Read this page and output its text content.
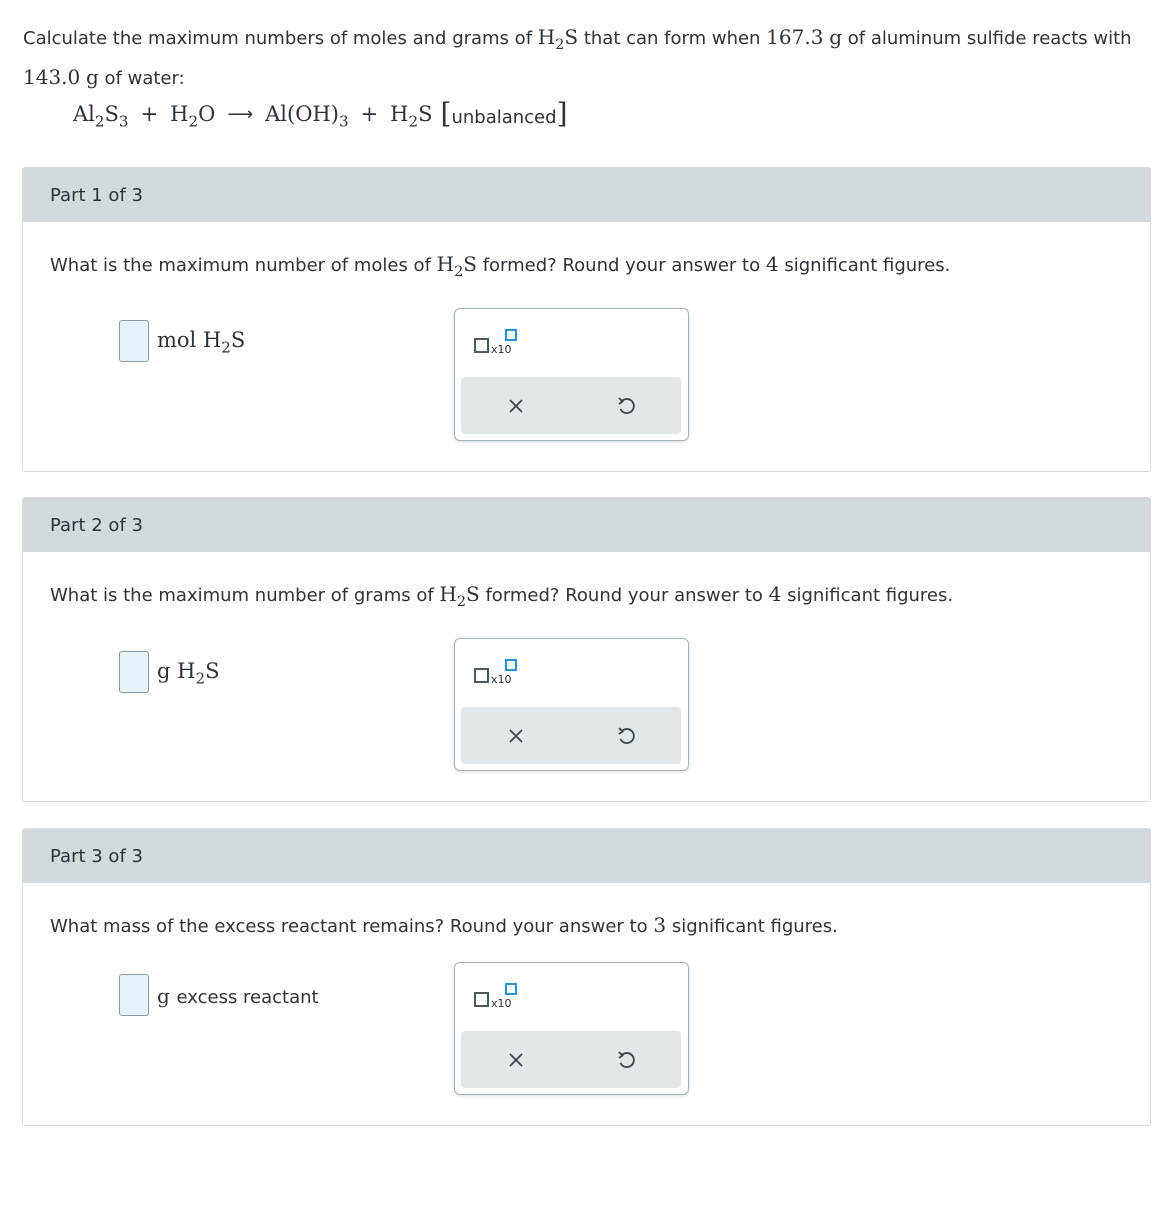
Calculate the maximum numbers of moles and grams of $H_2S$ that can form when 167.3 g of aluminum sulfide reacts with
143.0 g of water:
$Al_2S_3 + H_2O$ ⟶ $Al(OH)_3 + H_2S$ [unbalanced]
Part 1 of 3
What is the maximum number of moles of $H_2S$ formed? Round your answer to 4 significant figures.
mol $H_2S$	x10
Part 2 of 3
What is the maximum number of grams of $H_2S$ formed? Round your answer to 4 significant figures.
g $H_2S$	x10
Part 3 of 3
What mass of the excess reactant remains? Round your answer to 3 significant figures.
g excess reactant	x10
